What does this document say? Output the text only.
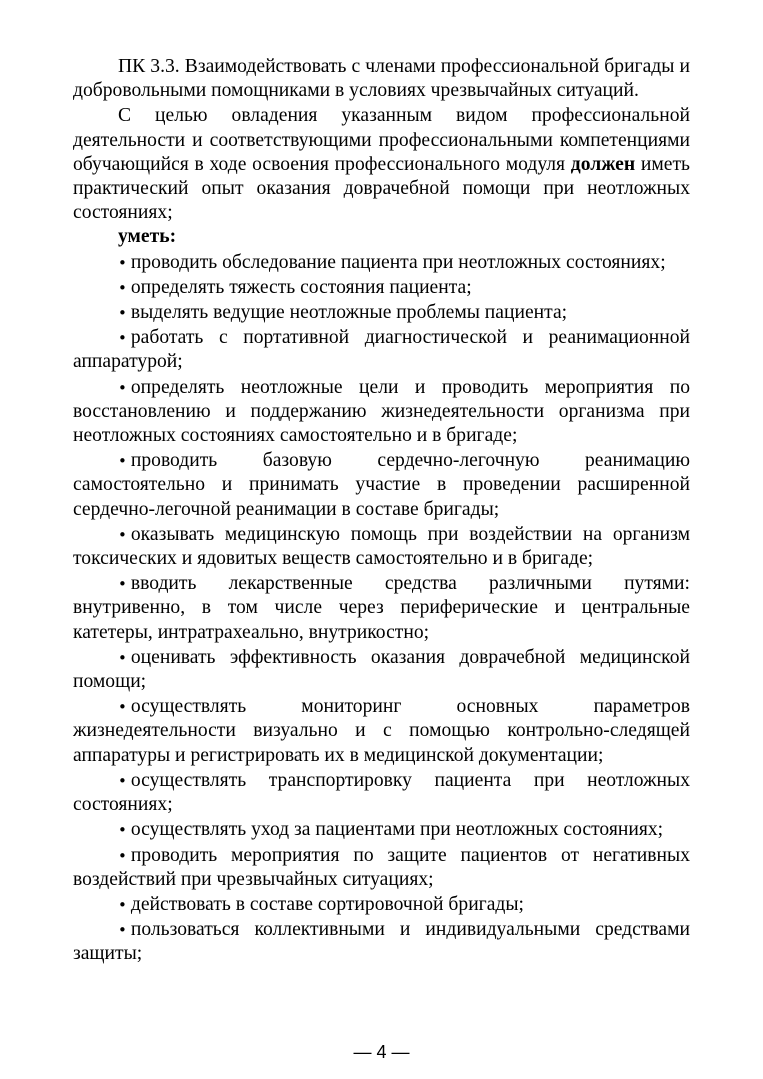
ПК 3.3. Взаимодействовать с членами профессиональной бригады и добровольными помощниками в условиях чрезвычайных ситуаций.

С целью овладения указанным видом профессиональной деятельности и соответствующими профессиональными компетенциями обучающийся в ходе освоения профессионального модуля должен иметь практический опыт оказания доврачебной помощи при неотложных состояниях;

уметь:

• проводить обследование пациента при неотложных состояниях;

• определять тяжесть состояния пациента;

• выделять ведущие неотложные проблемы пациента;

• работать с портативной диагностической и реанимационной аппаратурой;

• определять неотложные цели и проводить мероприятия по восстановлению и поддержанию жизнедеятельности организма при неотложных состояниях самостоятельно и в бригаде;

• проводить базовую сердечно-легочную реанимацию самостоятельно и принимать участие в проведении расширенной сердечно-легочной реанимации в составе бригады;

• оказывать медицинскую помощь при воздействии на организм токсических и ядовитых веществ самостоятельно и в бригаде;

• вводить лекарственные средства различными путями: внутривенно, в том числе через периферические и центральные катетеры, интратрахеально, внутрикостно;

• оценивать эффективность оказания доврачебной медицинской помощи;

• осуществлять мониторинг основных параметров жизнедеятельности визуально и с помощью контрольно-следящей аппаратуры и регистрировать их в медицинской документации;

• осуществлять транспортировку пациента при неотложных состояниях;

• осуществлять уход за пациентами при неотложных состояниях;

• проводить мероприятия по защите пациентов от негативных воздействий при чрезвычайных ситуациях;

• действовать в составе сортировочной бригады;

• пользоваться коллективными и индивидуальными средствами защиты;

— 4 —
